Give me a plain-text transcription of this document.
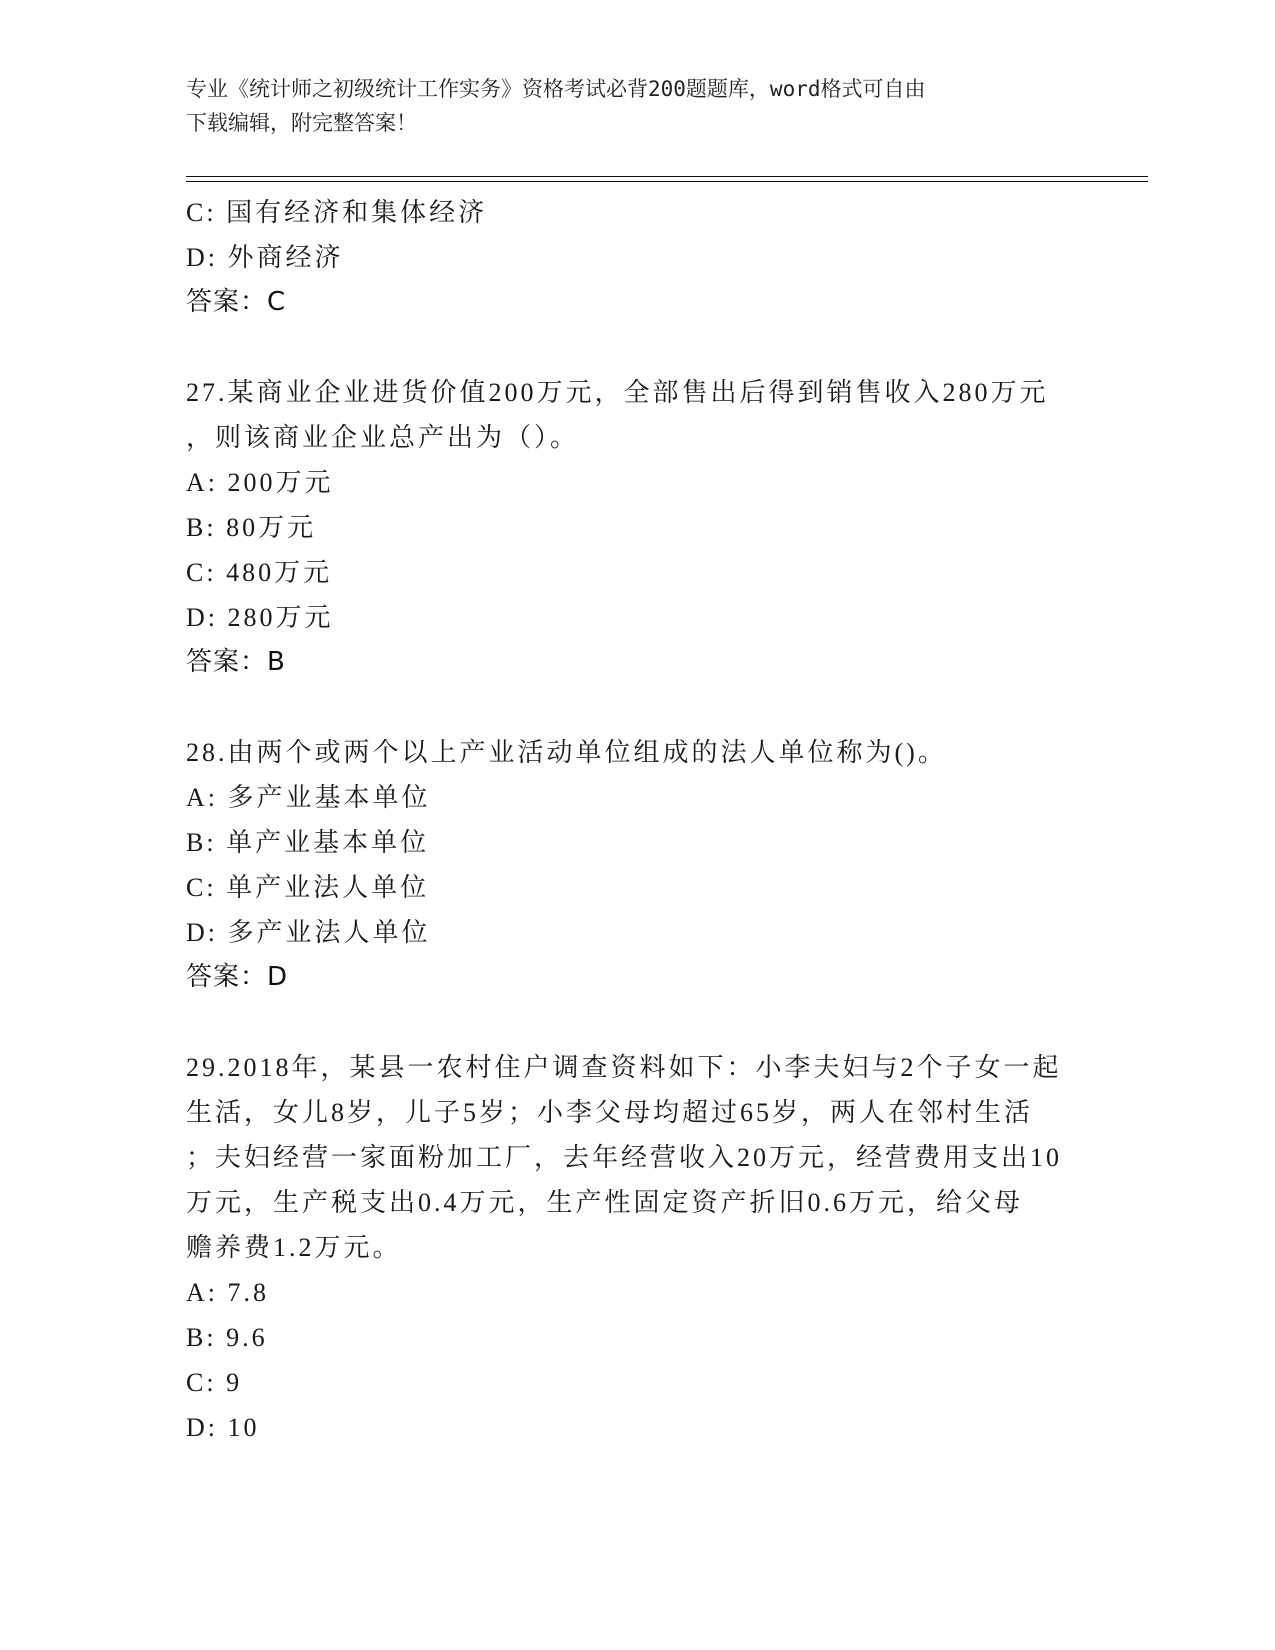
专业《统计师之初级统计工作实务》资格考试必背200题题库，word格式可自由
下载编辑，附完整答案！
C: 国有经济和集体经济
D: 外商经济
答案：C
27.某商业企业进货价值200万元，全部售出后得到销售收入280万元
，则该商业企业总产出为（）。
A: 200万元
B: 80万元
C: 480万元
D: 280万元
答案：B
28.由两个或两个以上产业活动单位组成的法人单位称为()。
A: 多产业基本单位
B: 单产业基本单位
C: 单产业法人单位
D: 多产业法人单位
答案：D
29.2018年，某县一农村住户调查资料如下：小李夫妇与2个子女一起
生活，女儿8岁，儿子5岁；小李父母均超过65岁，两人在邻村生活
；夫妇经营一家面粉加工厂，去年经营收入20万元，经营费用支出10
万元，生产税支出0.4万元，生产性固定资产折旧0.6万元，给父母
赡养费1.2万元。
A: 7.8
B: 9.6
C: 9
D: 10
